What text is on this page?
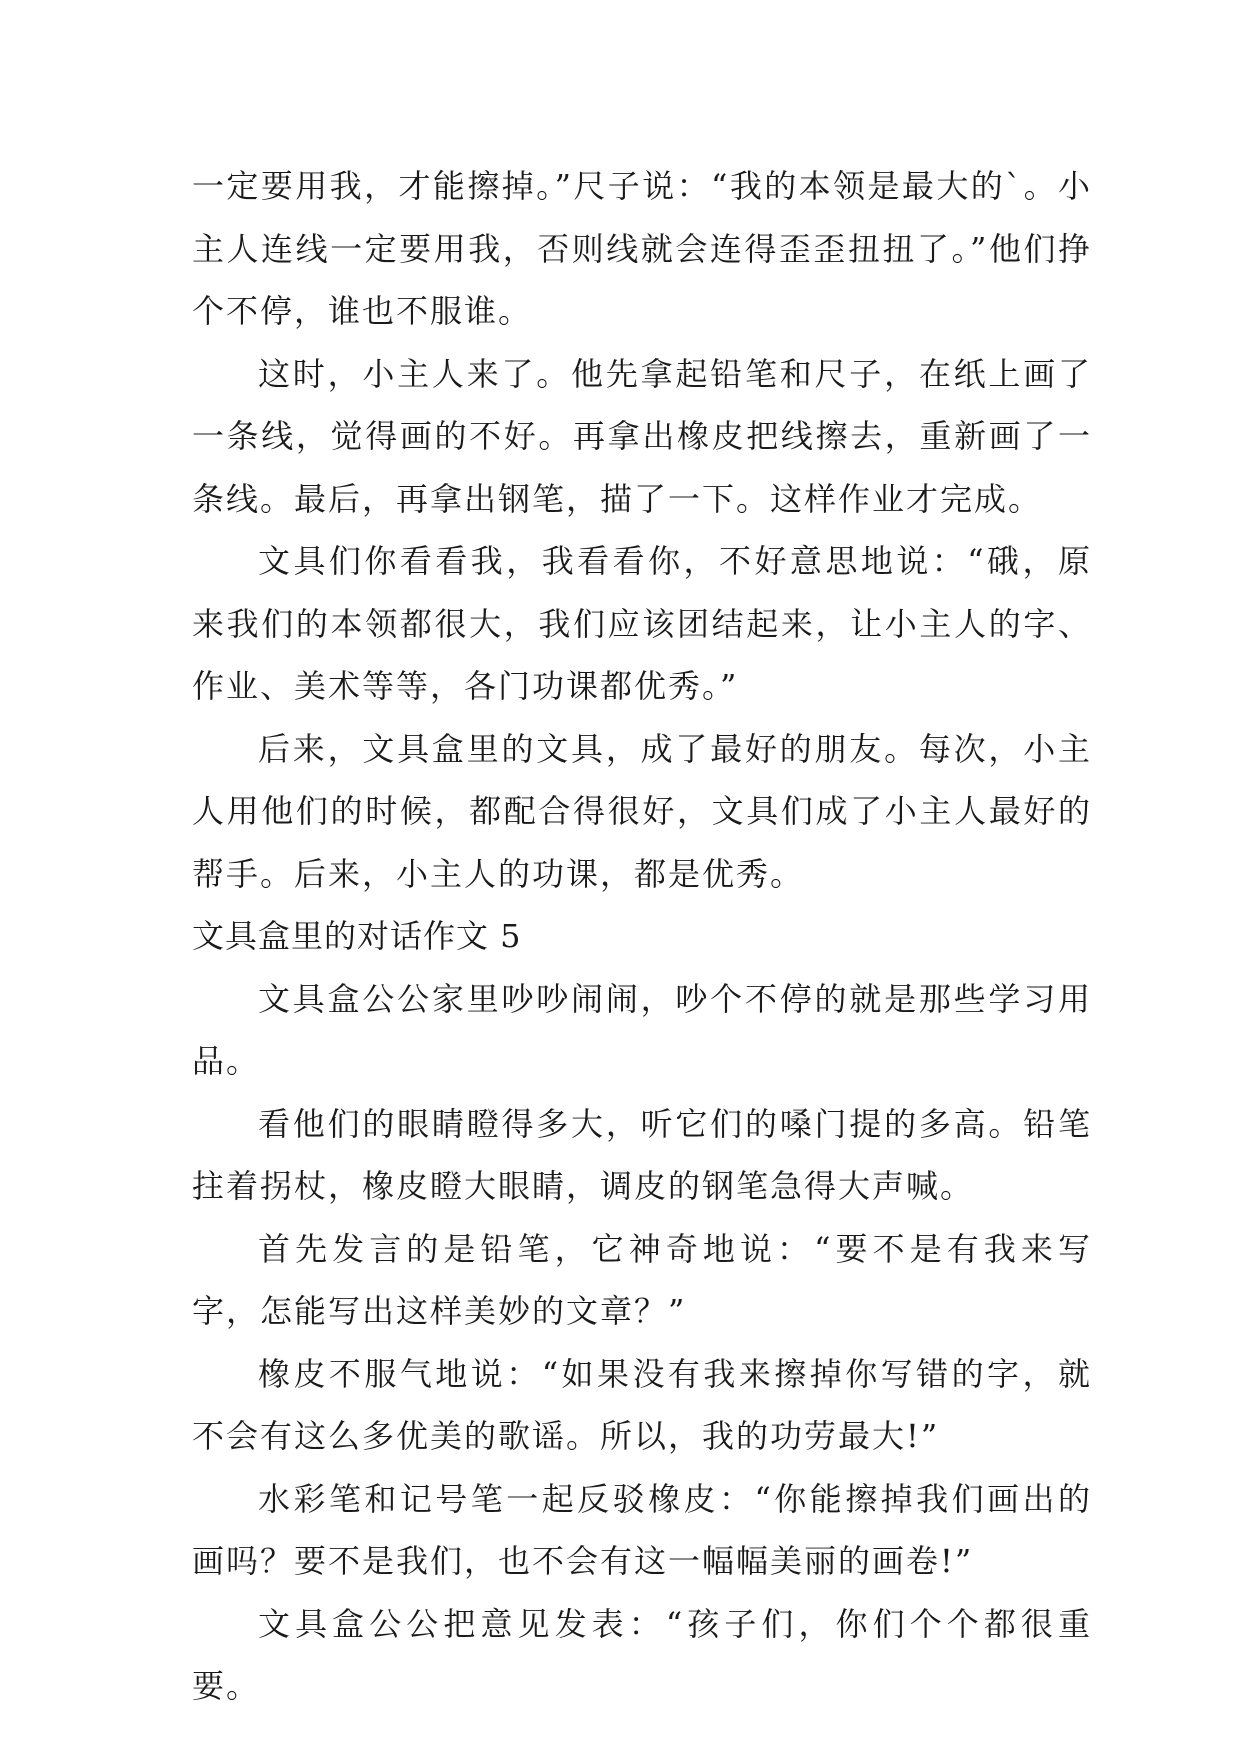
一定要用我，才能擦掉。”尺子说：“我的本领是最大的`。小主人连线一定要用我，否则线就会连得歪歪扭扭了。”他们挣个不停，谁也不服谁。

这时，小主人来了。他先拿起铅笔和尺子，在纸上画了一条线，觉得画的不好。再拿出橡皮把线擦去，重新画了一条线。最后，再拿出钢笔，描了一下。这样作业才完成。

文具们你看看我，我看看你，不好意思地说：“硪，原来我们的本领都很大，我们应该团结起来，让小主人的字、作业、美术等等，各门功课都优秀。”

后来，文具盒里的文具，成了最好的朋友。每次，小主人用他们的时候，都配合得很好，文具们成了小主人最好的帮手。后来，小主人的功课，都是优秀。

文具盒里的对话作文 5

文具盒公公家里吵吵闹闹，吵个不停的就是那些学习用品。

看他们的眼睛瞪得多大，听它们的嗓门提的多高。铅笔拄着拐杖，橡皮瞪大眼睛，调皮的钢笔急得大声喊。

首先发言的是铅笔，它神奇地说：“要不是有我来写字，怎能写出这样美妙的文章？”

橡皮不服气地说：“如果没有我来擦掉你写错的字，就不会有这么多优美的歌谣。所以，我的功劳最大!”

水彩笔和记号笔一起反驳橡皮：“你能擦掉我们画出的画吗？要不是我们，也不会有这一幅幅美丽的画卷!”

文具盒公公把意见发表：“孩子们，你们个个都很重要。
